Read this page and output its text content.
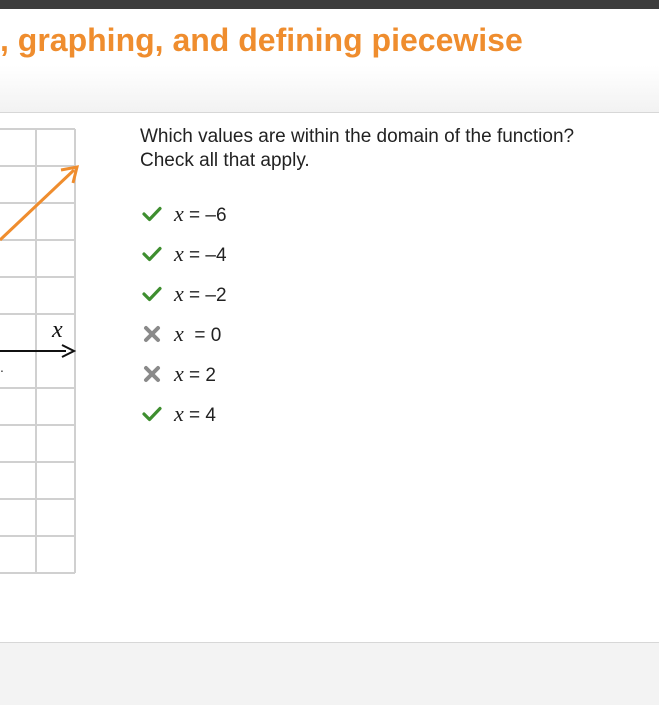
, graphing, and defining piecewise
x
.
Which values are within the domain of the function?
Check all that apply.
x = –6
x = –4
x = –2
x  = 0
x = 2
x = 4
